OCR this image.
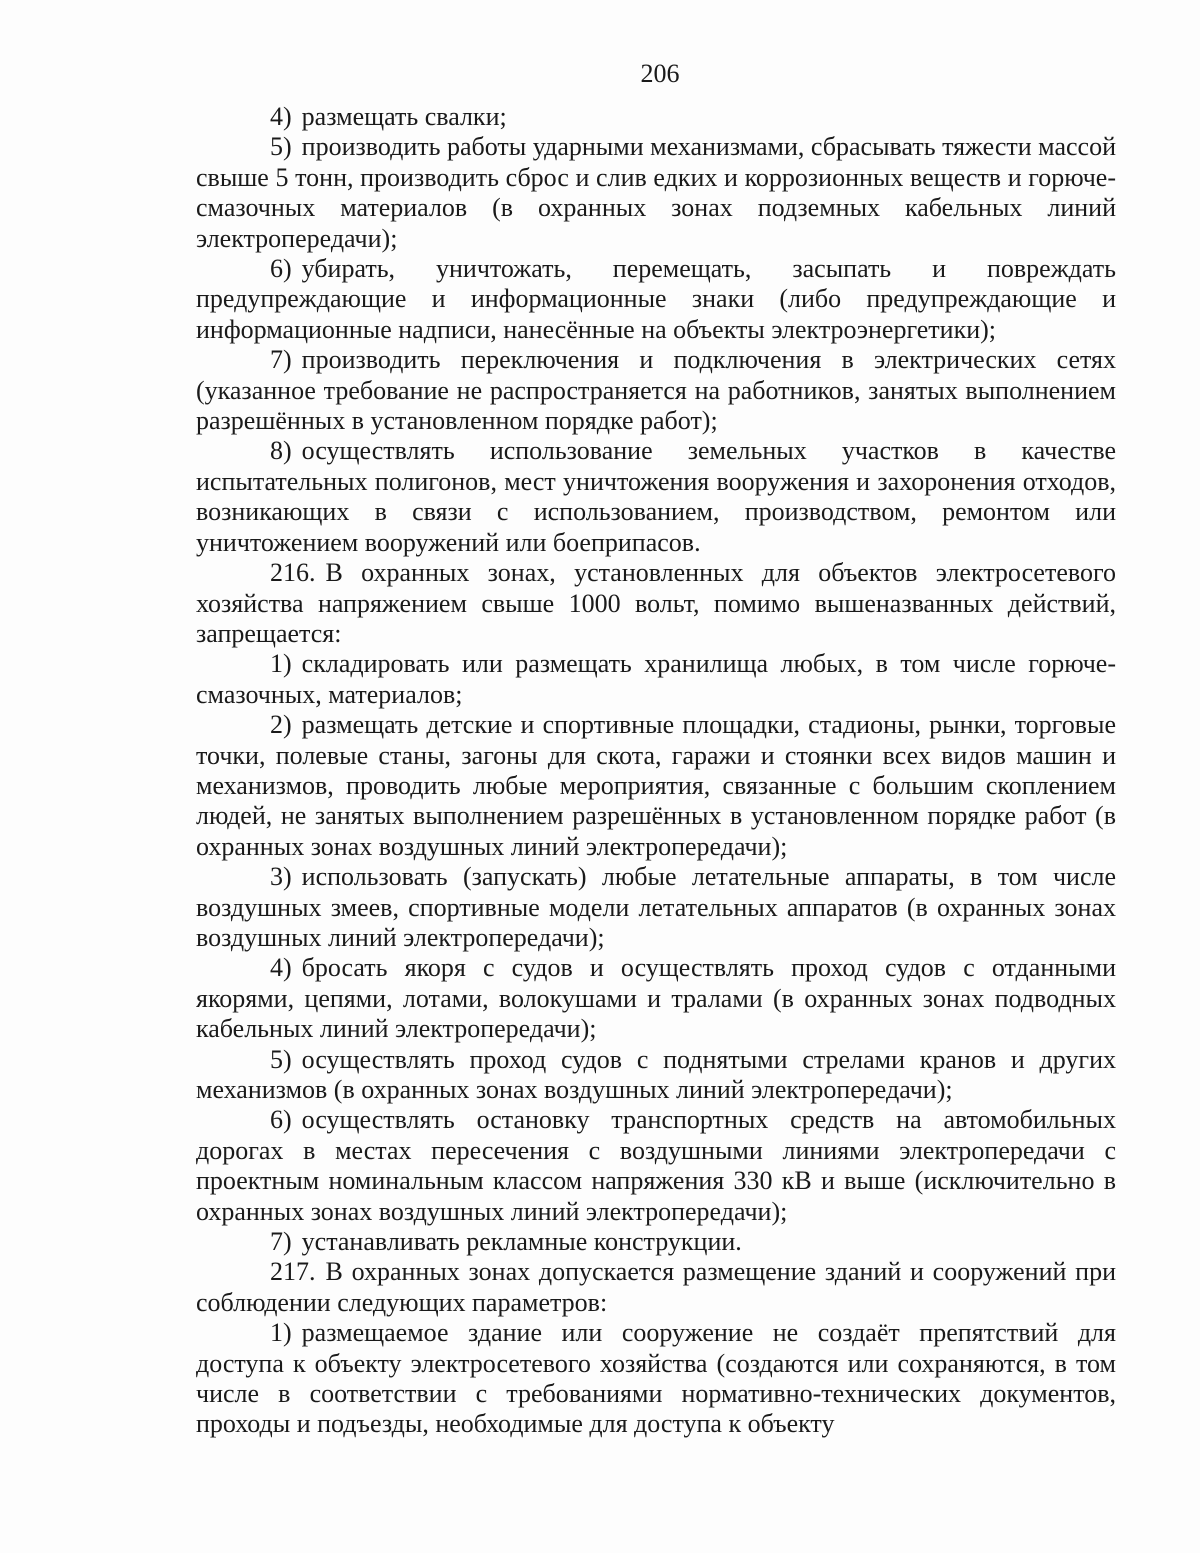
206

4) размещать свалки;

5) производить работы ударными механизмами, сбрасывать тяжести массой свыше 5 тонн, производить сброс и слив едких и коррозионных веществ и горюче-смазочных материалов (в охранных зонах подземных кабельных линий электропередачи);

6) убирать, уничтожать, перемещать, засыпать и повреждать предупреждающие и информационные знаки (либо предупреждающие и информационные надписи, нанесённые на объекты электроэнергетики);

7) производить переключения и подключения в электрических сетях (указанное требование не распространяется на работников, занятых выполнением разрешённых в установленном порядке работ);

8) осуществлять использование земельных участков в качестве испытательных полигонов, мест уничтожения вооружения и захоронения отходов, возникающих в связи с использованием, производством, ремонтом или уничтожением вооружений или боеприпасов.

216. В охранных зонах, установленных для объектов электросетевого хозяйства напряжением свыше 1000 вольт, помимо вышеназванных действий, запрещается:

1) складировать или размещать хранилища любых, в том числе горюче-смазочных, материалов;

2) размещать детские и спортивные площадки, стадионы, рынки, торговые точки, полевые станы, загоны для скота, гаражи и стоянки всех видов машин и механизмов, проводить любые мероприятия, связанные с большим скоплением людей, не занятых выполнением разрешённых в установленном порядке работ (в охранных зонах воздушных линий электропередачи);

3) использовать (запускать) любые летательные аппараты, в том числе воздушных змеев, спортивные модели летательных аппаратов (в охранных зонах воздушных линий электропередачи);

4) бросать якоря с судов и осуществлять проход судов с отданными якорями, цепями, лотами, волокушами и тралами (в охранных зонах подводных кабельных линий электропередачи);

5) осуществлять проход судов с поднятыми стрелами кранов и других механизмов (в охранных зонах воздушных линий электропередачи);

6) осуществлять остановку транспортных средств на автомобильных дорогах в местах пересечения с воздушными линиями электропередачи с проектным номинальным классом напряжения 330 кВ и выше (исключительно в охранных зонах воздушных линий электропередачи);

7) устанавливать рекламные конструкции.

217. В охранных зонах допускается размещение зданий и сооружений при соблюдении следующих параметров:

1) размещаемое здание или сооружение не создаёт препятствий для доступа к объекту электросетевого хозяйства (создаются или сохраняются, в том числе в соответствии с требованиями нормативно-технических документов, проходы и подъезды, необходимые для доступа к объекту
